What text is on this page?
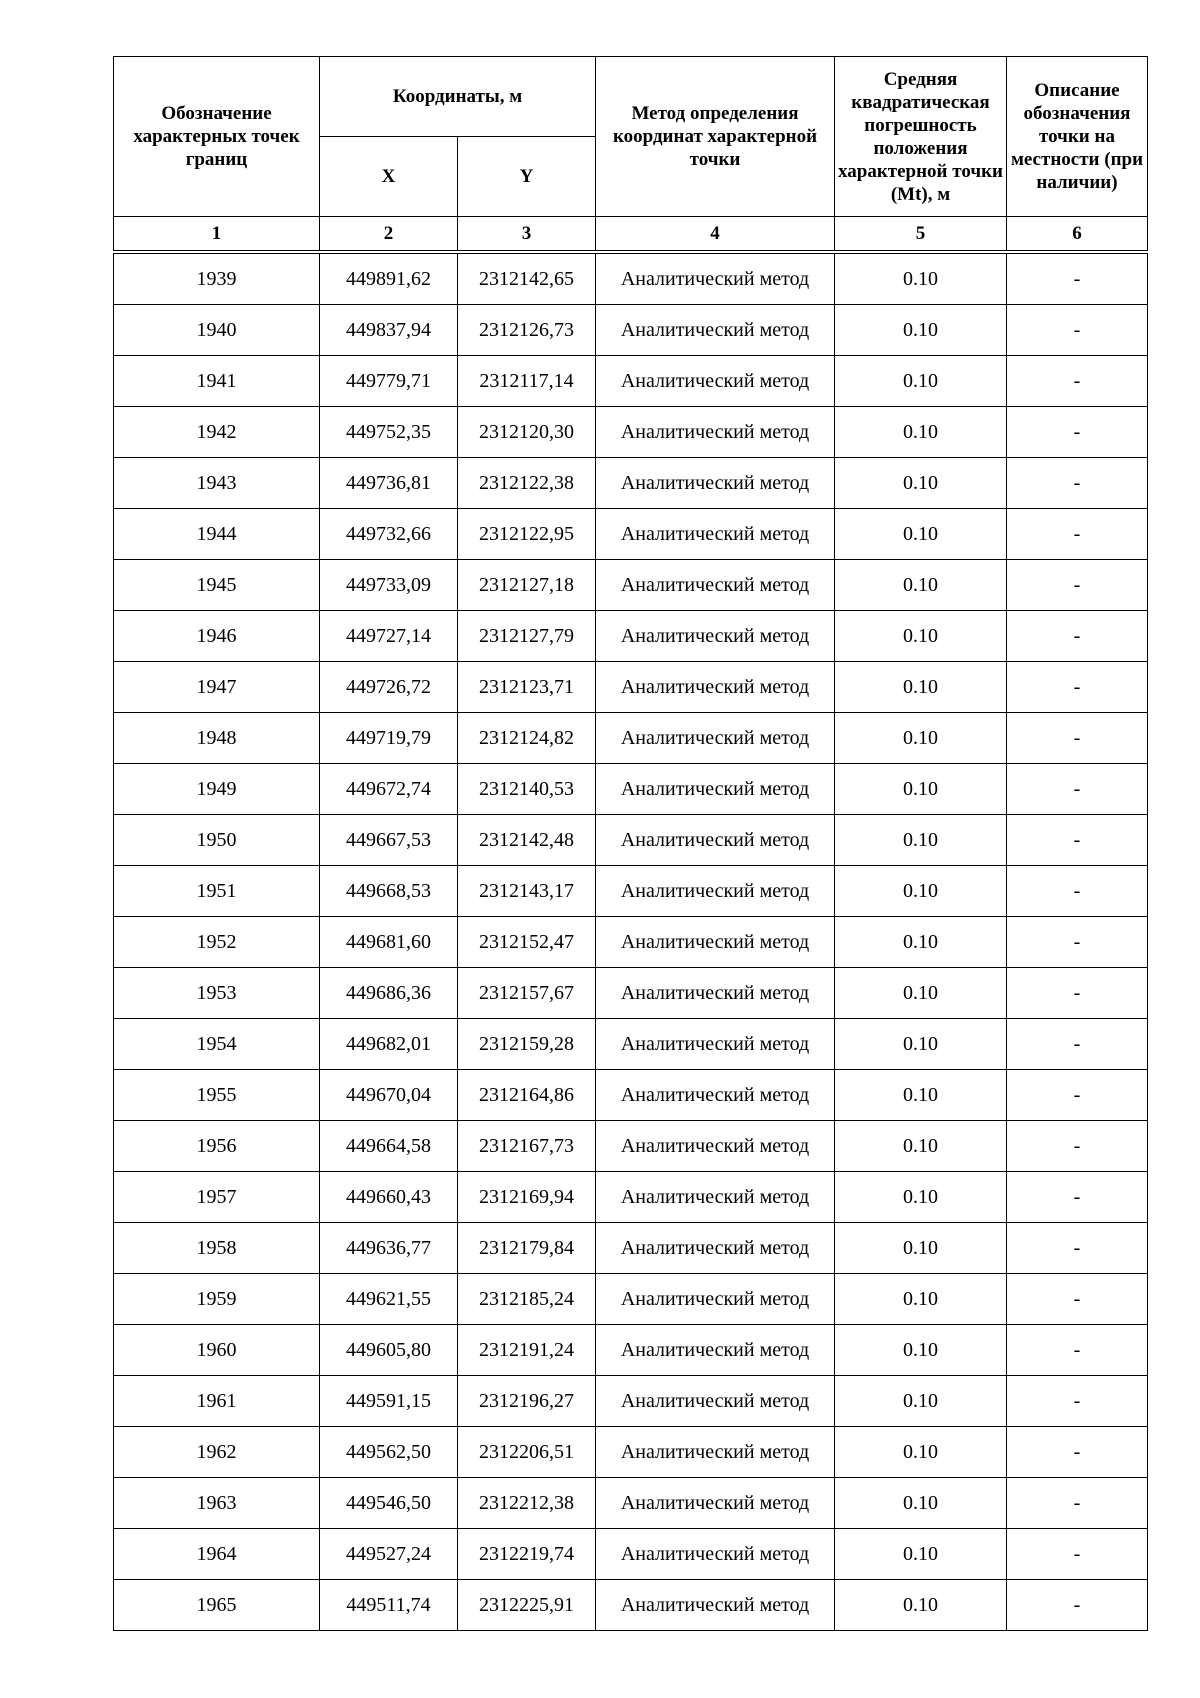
Обозначение характерных точек границ	Координаты, м		Метод определения координат характерной точки	Средняя квадратическая погрешность положения характерной точки (Mt), м	Описание обозначения точки на местности (при наличии)
	X	Y			
1	2	3	4	5	6
1939	449891,62	2312142,65	Аналитический метод	0.10	-
1940	449837,94	2312126,73	Аналитический метод	0.10	-
1941	449779,71	2312117,14	Аналитический метод	0.10	-
1942	449752,35	2312120,30	Аналитический метод	0.10	-
1943	449736,81	2312122,38	Аналитический метод	0.10	-
1944	449732,66	2312122,95	Аналитический метод	0.10	-
1945	449733,09	2312127,18	Аналитический метод	0.10	-
1946	449727,14	2312127,79	Аналитический метод	0.10	-
1947	449726,72	2312123,71	Аналитический метод	0.10	-
1948	449719,79	2312124,82	Аналитический метод	0.10	-
1949	449672,74	2312140,53	Аналитический метод	0.10	-
1950	449667,53	2312142,48	Аналитический метод	0.10	-
1951	449668,53	2312143,17	Аналитический метод	0.10	-
1952	449681,60	2312152,47	Аналитический метод	0.10	-
1953	449686,36	2312157,67	Аналитический метод	0.10	-
1954	449682,01	2312159,28	Аналитический метод	0.10	-
1955	449670,04	2312164,86	Аналитический метод	0.10	-
1956	449664,58	2312167,73	Аналитический метод	0.10	-
1957	449660,43	2312169,94	Аналитический метод	0.10	-
1958	449636,77	2312179,84	Аналитический метод	0.10	-
1959	449621,55	2312185,24	Аналитический метод	0.10	-
1960	449605,80	2312191,24	Аналитический метод	0.10	-
1961	449591,15	2312196,27	Аналитический метод	0.10	-
1962	449562,50	2312206,51	Аналитический метод	0.10	-
1963	449546,50	2312212,38	Аналитический метод	0.10	-
1964	449527,24	2312219,74	Аналитический метод	0.10	-
1965	449511,74	2312225,91	Аналитический метод	0.10	-
